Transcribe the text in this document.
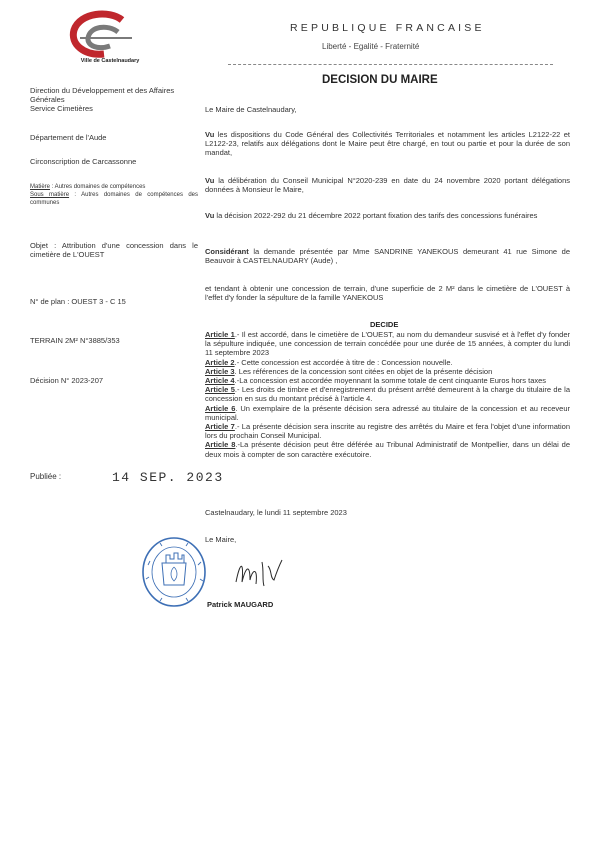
Ville de Castelnaudary
REPUBLIQUE FRANCAISE
Liberté - Egalité - Fraternité
DECISION DU MAIRE
Direction du Développement et des Affaires Générales
Service Cimetières
Département de l'Aude
Circonscription de Carcassonne
Matière : Autres domaines de compétences
Sous matière : Autres domaines de compétences des communes
Objet : Attribution d'une concession dans le cimetière de L'OUEST
N° de plan : OUEST 3 - C 15
TERRAIN 2M² N°3885/353
Décision N° 2023-207
Publiée :	14 SEP. 2023
Le Maire de Castelnaudary,
Vu les dispositions du Code Général des Collectivités Territoriales et notamment les articles L2122-22 et L2122-23, relatifs aux délégations dont le Maire peut être chargé, en tout ou partie et pour la durée de son mandat,
Vu la délibération du Conseil Municipal N°2020-239 en date du 24 novembre 2020 portant délégations données à Monsieur le Maire,
Vu la décision 2022-292 du 21 décembre 2022 portant fixation des tarifs des concessions funéraires
Considérant la demande présentée par Mme SANDRINE YANEKOUS demeurant 41 rue Simone de Beauvoir à CASTELNAUDARY (Aude) ,
et tendant à obtenir une concession de terrain, d'une superficie de 2 M² dans le cimetière de L'OUEST à l'effet d'y fonder la sépulture de la famille YANEKOUS
DECIDE
Article 1.- Il est accordé, dans le cimetière de L'OUEST, au nom du demandeur susvisé et à l'effet d'y fonder la sépulture indiquée, une concession de terrain concédée pour une durée de 15 années, à compter du lundi 11 septembre 2023
Article 2.- Cette concession est accordée à titre de : Concession nouvelle.
Article 3. Les références de la concession sont citées en objet de la présente décision
Article 4.-La concession est accordée moyennant la somme totale de cent cinquante Euros hors taxes
Article 5.- Les droits de timbre et d'enregistrement du présent arrêté demeurent à la charge du titulaire de la concession en sus du montant précisé à l'article 4.
Article 6. Un exemplaire de la présente décision sera adressé au titulaire de la concession et au receveur municipal.
Article 7.- La présente décision sera inscrite au registre des arrêtés du Maire et fera l'objet d'une information lors du prochain Conseil Municipal.
Article 8.-La présente décision peut être déférée au Tribunal Administratif de Montpellier, dans un délai de deux mois à compter de son caractère exécutoire.
Castelnaudary, le lundi 11 septembre 2023
Le Maire,
Patrick MAUGARD
